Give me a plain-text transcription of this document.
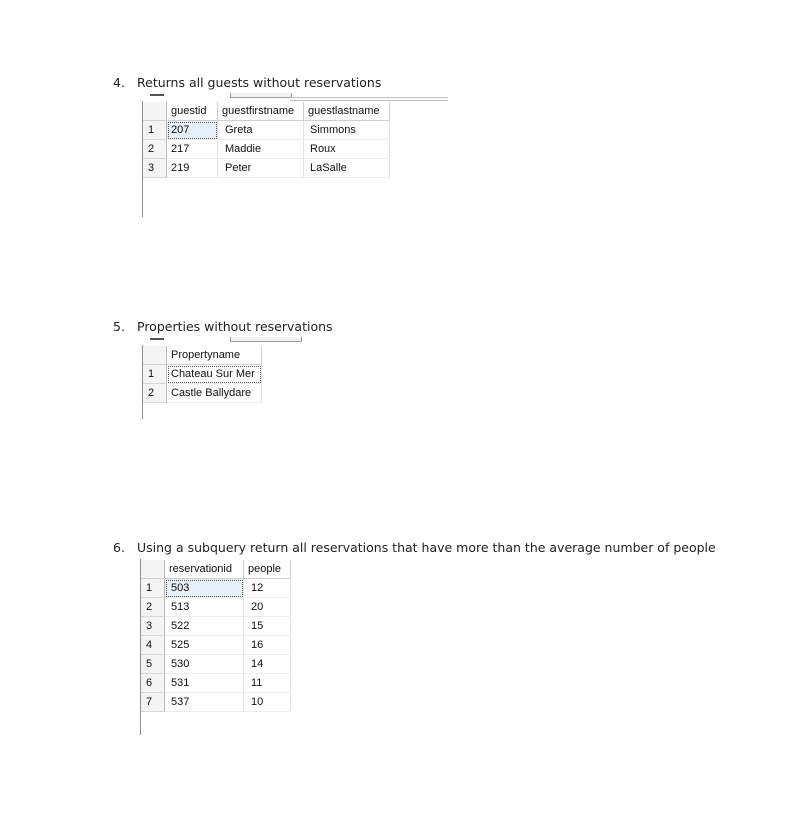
4. Returns all guests without reservations
	guestid	guestfirstname	guestlastname
1	207	Greta	Simmons
2	217	Maddie	Roux
3	219	Peter	LaSalle
5. Properties without reservations
	Propertyname
1	Chateau Sur Mer
2	Castle Ballydare
6. Using a subquery return all reservations that have more than the average number of people
	reservationid	people
1	503	12
2	513	20
3	522	15
4	525	16
5	530	14
6	531	11
7	537	10
